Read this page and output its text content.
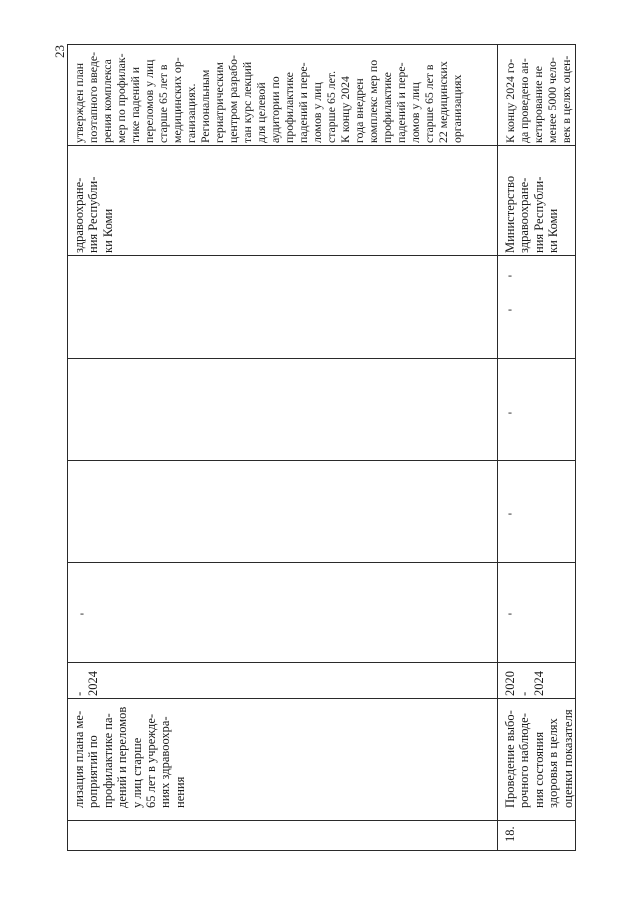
23
лизация плана ме-
роприятий по
профилактике па-
дений и переломов
у лиц старше
65 лет в учрежде-
ниях здравоохра-
нения
-
2024
здравоохране-
ния Республи-
ки Коми
утвержден план
поэтапного введе-
рения комплекса
мер по профилак-
тике падений и
переломов у лиц
старше 65 лет в
медицинских ор-
ганизациях.
Региональным
гериатрическим
центром разрабо-
тан курс лекций
для целевой
аудитории по
профилактике
падений и пере-
ломов у лиц
старше 65 лет.
К концу 2024
года внедрен
комплекс мер по
профилактике
падений и пере-
ломов у лиц
старше 65 лет в
22 медицинских
организациях
18.
Проведение выбо-
рочного наблюде-
ния состояния
здоровья в целях
оценки показателя
2020
-
2024
-
-
-
-
-
Министерство
здравоохране-
ния Республи-
ки Коми
К концу 2024 го-
да проведено ан-
кетирование не
менее 5000 чело-
век в целях оцен-
-
